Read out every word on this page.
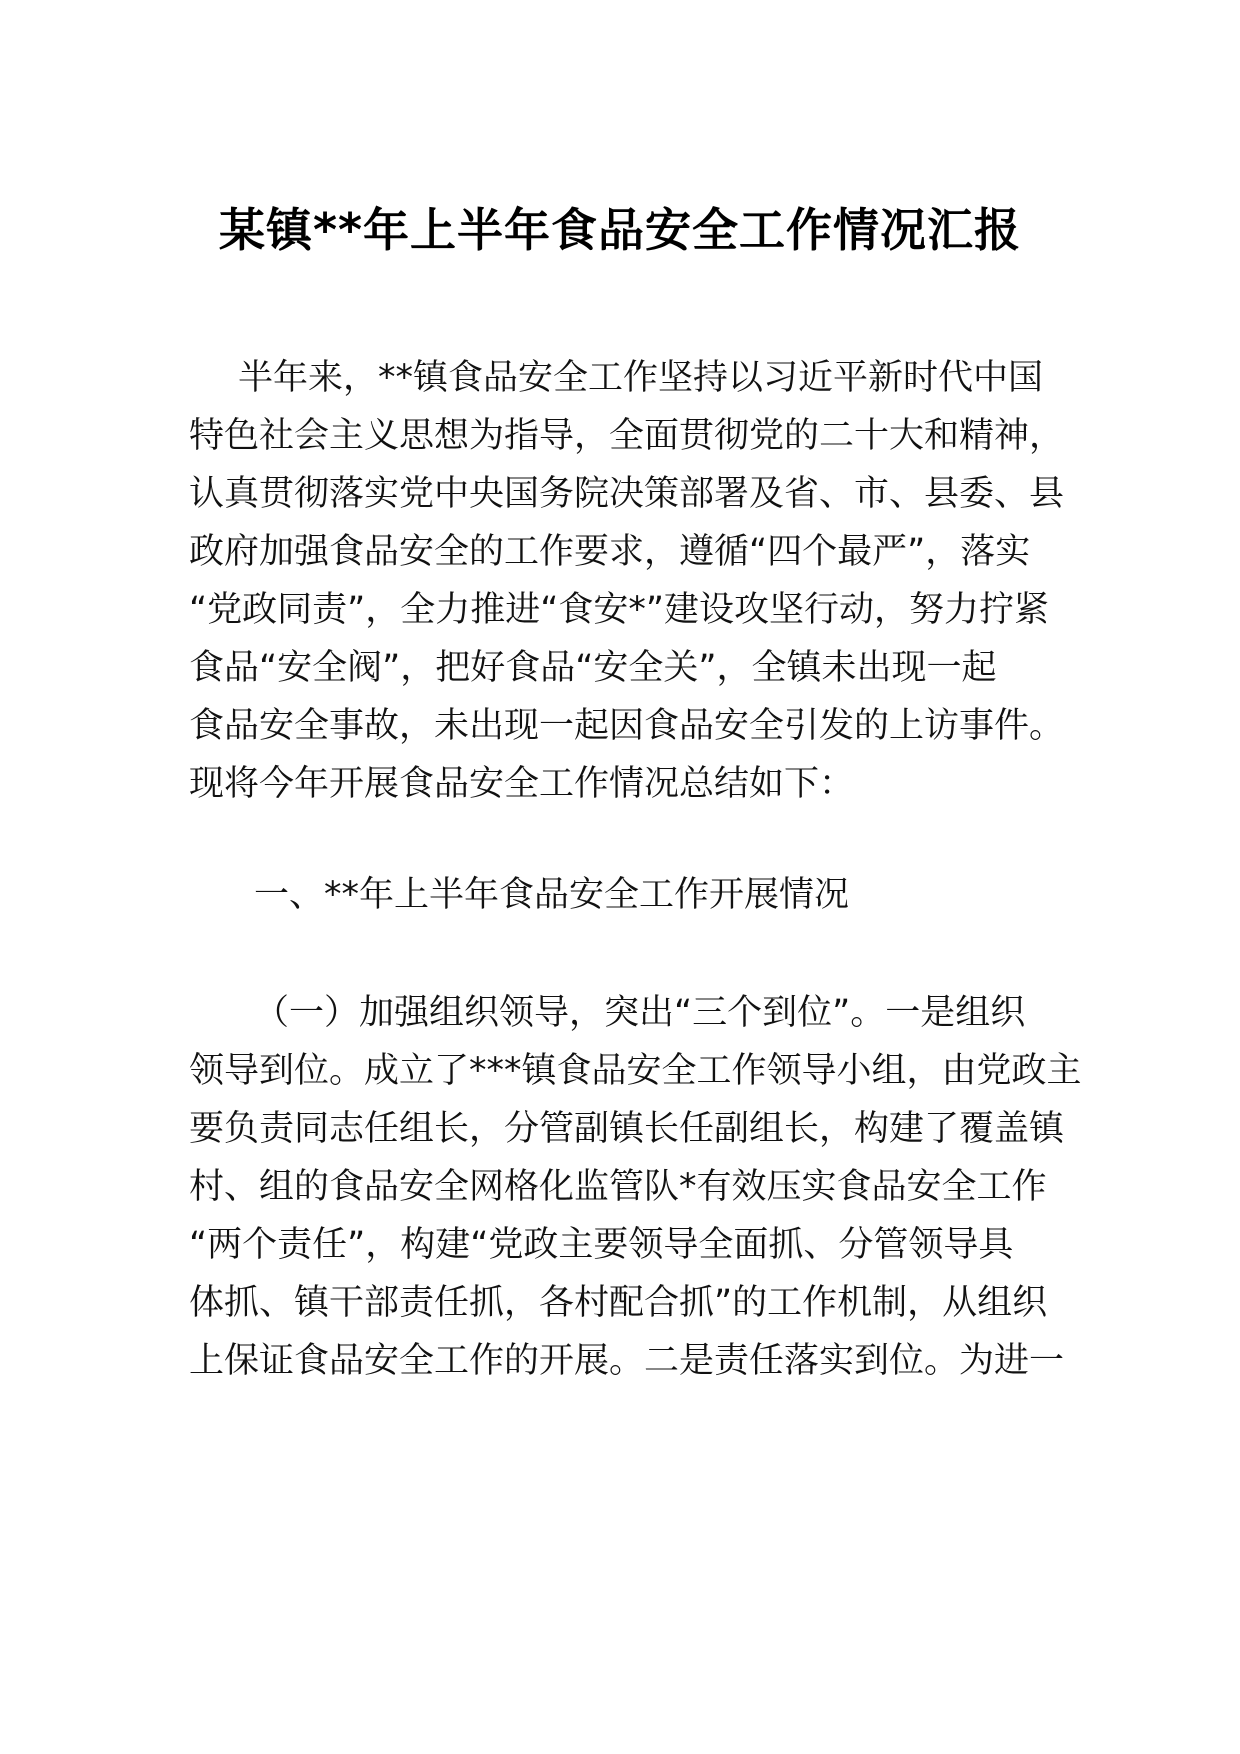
某镇**年上半年食品安全工作情况汇报
半年来，**镇食品安全工作坚持以习近平新时代中国
特色社会主义思想为指导，全面贯彻党的二十大和精神，
认真贯彻落实党中央国务院决策部署及省、市、县委、县
政府加强食品安全的工作要求，遵循“四个最严”，落实
“党政同责”，全力推进“食安*”建设攻坚行动，努力拧紧
食品“安全阀”，把好食品“安全关”，全镇未出现一起
食品安全事故，未出现一起因食品安全引发的上访事件。
现将今年开展食品安全工作情况总结如下：
一、**年上半年食品安全工作开展情况
（一）加强组织领导，突出“三个到位”。一是组织
领导到位。成立了***镇食品安全工作领导小组，由党政主
要负责同志任组长，分管副镇长任副组长，构建了覆盖镇
村、组的食品安全网格化监管队*有效压实食品安全工作
“两个责任”，构建“党政主要领导全面抓、分管领导具
体抓、镇干部责任抓，各村配合抓”的工作机制，从组织
上保证食品安全工作的开展。二是责任落实到位。为进一
